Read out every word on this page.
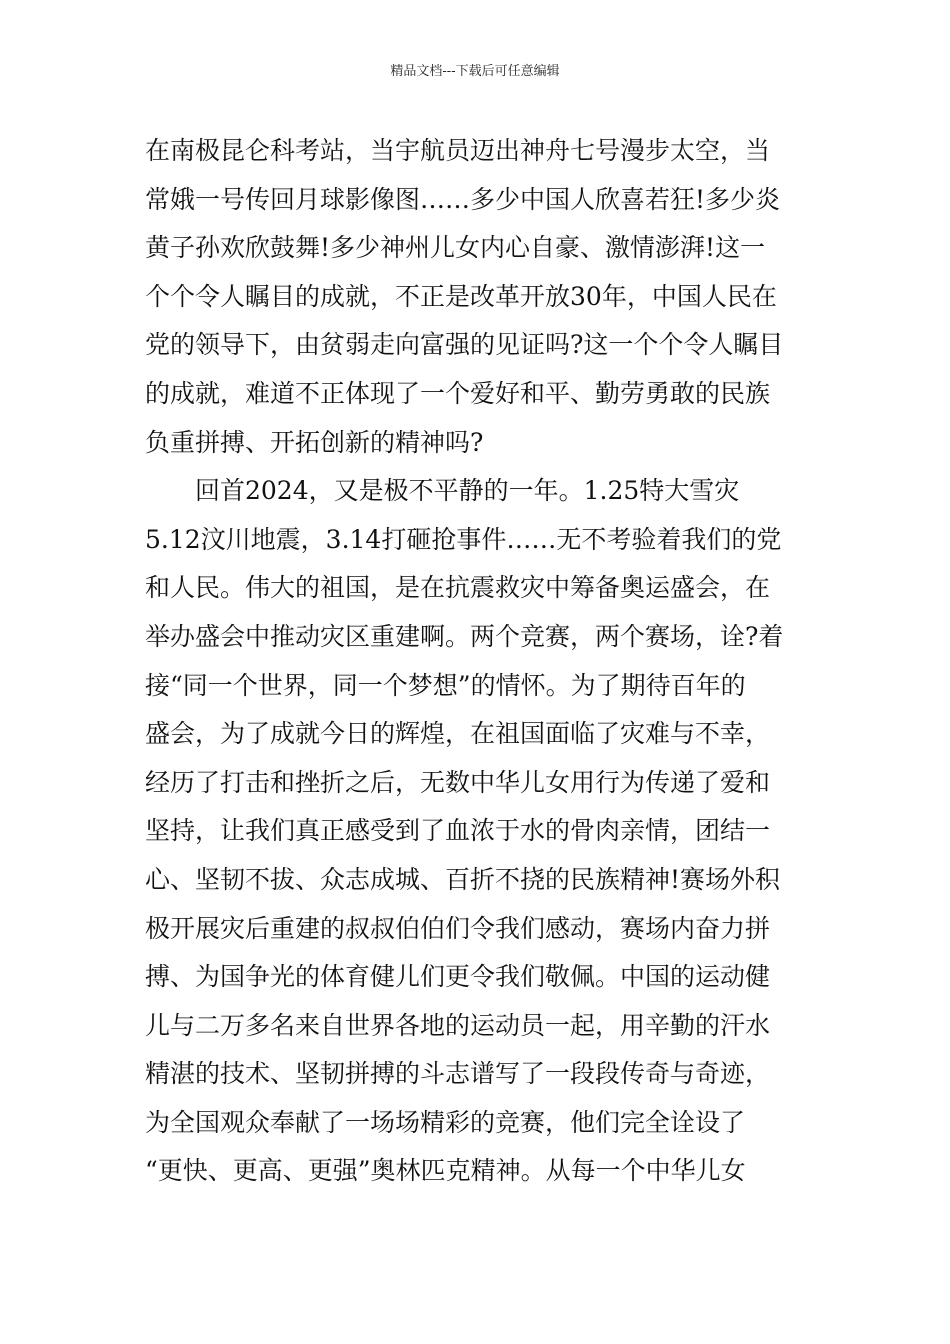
精品文档---下载后可任意编辑
在南极昆仑科考站，当宇航员迈出神舟七号漫步太空，当
常娥一号传回月球影像图……多少中国人欣喜若狂!多少炎
黄子孙欢欣鼓舞!多少神州儿女内心自豪、激情澎湃!这一
个个令人瞩目的成就，不正是改革开放30年，中国人民在
党的领导下，由贫弱走向富强的见证吗?这一个个令人瞩目
的成就，难道不正体现了一个爱好和平、勤劳勇敢的民族
负重拼搏、开拓创新的精神吗?
　　回首2024，又是极不平静的一年。1.25特大雪灾
5.12汶川地震，3.14打砸抢事件……无不考验着我们的党
和人民。伟大的祖国，是在抗震救灾中筹备奥运盛会，在
举办盛会中推动灾区重建啊。两个竞赛，两个赛场，诠?着
接“同一个世界，同一个梦想”的情怀。为了期待百年的
盛会，为了成就今日的辉煌，在祖国面临了灾难与不幸，
经历了打击和挫折之后，无数中华儿女用行为传递了爱和
坚持，让我们真正感受到了血浓于水的骨肉亲情，团结一
心、坚韧不拔、众志成城、百折不挠的民族精神!赛场外积
极开展灾后重建的叔叔伯伯们令我们感动，赛场内奋力拼
搏、为国争光的体育健儿们更令我们敬佩。中国的运动健
儿与二万多名来自世界各地的运动员一起，用辛勤的汗水
精湛的技术、坚韧拼搏的斗志谱写了一段段传奇与奇迹，
为全国观众奉献了一场场精彩的竞赛，他们完全诠设了
“更快、更高、更强”奥林匹克精神。从每一个中华儿女
